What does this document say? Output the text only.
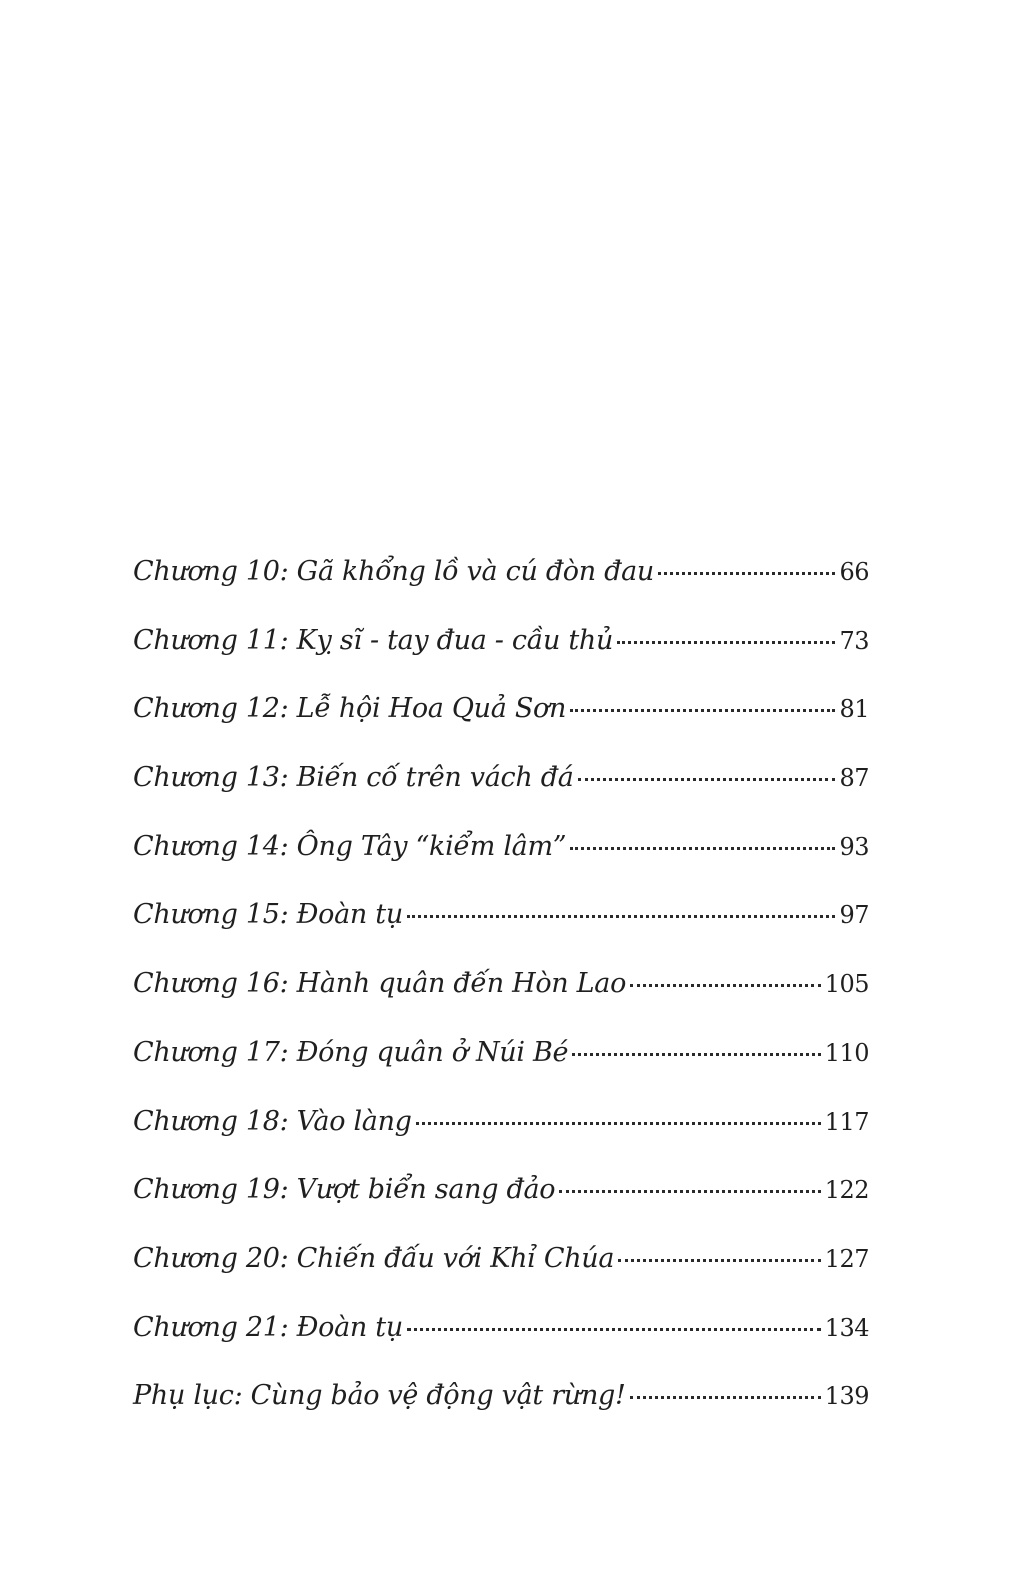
Chương 10: Gã khổng lồ và cú đòn đau	66
Chương 11: Kỵ sĩ - tay đua - cầu thủ	73
Chương 12: Lễ hội Hoa Quả Sơn	81
Chương 13: Biến cố trên vách đá	87
Chương 14: Ông Tây “kiểm lâm”	93
Chương 15: Đoàn tụ	97
Chương 16: Hành quân đến Hòn Lao	105
Chương 17: Đóng quân ở Núi Bé	110
Chương 18: Vào làng	117
Chương 19: Vượt biển sang đảo	122
Chương 20: Chiến đấu với Khỉ Chúa	127
Chương 21: Đoàn tụ	134
Phụ lục: Cùng bảo vệ động vật rừng!	139
